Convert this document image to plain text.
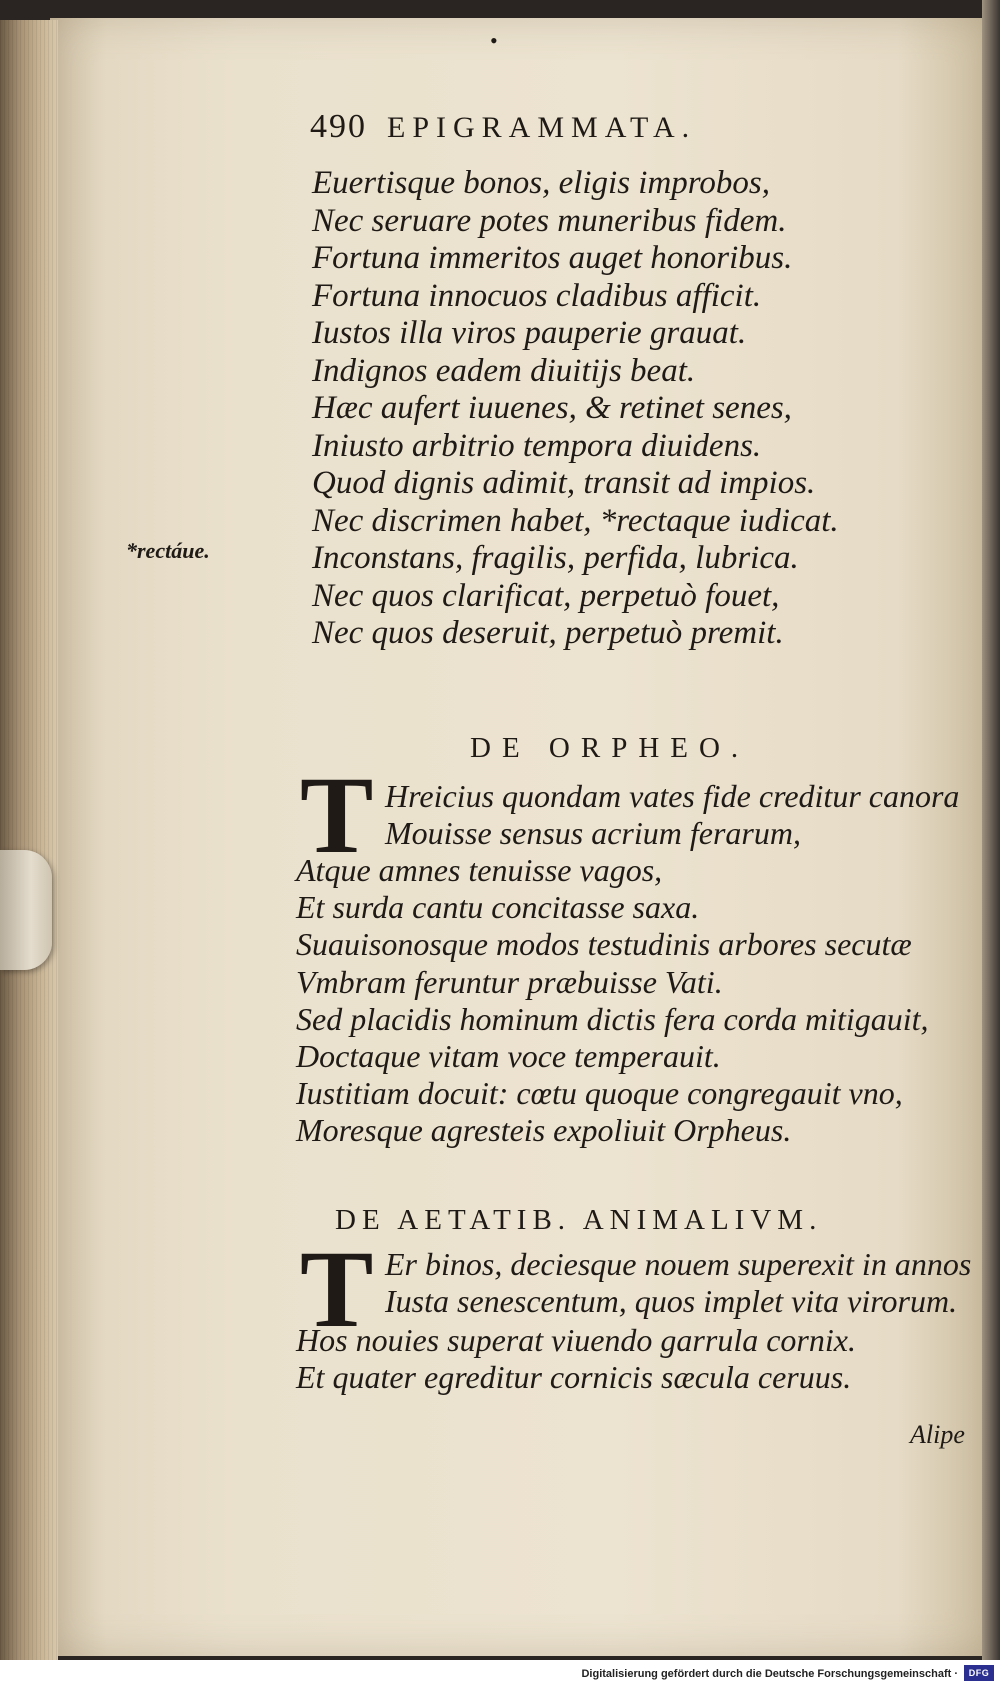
•
490 EPIGRAMMATA.
Euertisque bonos, eligis improbos,
Nec seruare potes muneribus fidem.
Fortuna immeritos auget honoribus.
Fortuna innocuos cladibus afficit.
Iustos illa viros pauperie grauat.
Indignos eadem diuitijs beat.
Hæc aufert iuuenes, & retinet senes,
Iniusto arbitrio tempora diuidens.
Quod dignis adimit, transit ad impios.
Nec discrimen habet, *rectaque iudicat.
Inconstans, fragilis, perfida, lubrica.
Nec quos clarificat, perpetuò fouet,
Nec quos deseruit, perpetuò premit.
*rectáue.
DE ORPHEO.
T Hreicius quondam vates fide creditur canora
Mouisse sensus acrium ferarum,
Atque amnes tenuisse vagos,
Et surda cantu concitasse saxa.
Suauisonosque modos testudinis arbores secutæ
Vmbram feruntur præbuisse Vati.
Sed placidis hominum dictis fera corda mitigauit,
Doctaque vitam voce temperauit.
Iustitiam docuit: cœtu quoque congregauit vno,
Moresque agresteis expoliuit Orpheus.
DE AETATIB. ANIMALIVM.
T Er binos, deciesque nouem superexit in annos
Iusta senescentum, quos implet vita virorum.
Hos nouies superat viuendo garrula cornix.
Et quater egreditur cornicis sæcula ceruus.
Alipe
Digitalisierung gefördert durch die Deutsche Forschungsgemeinschaft ·	DFG
